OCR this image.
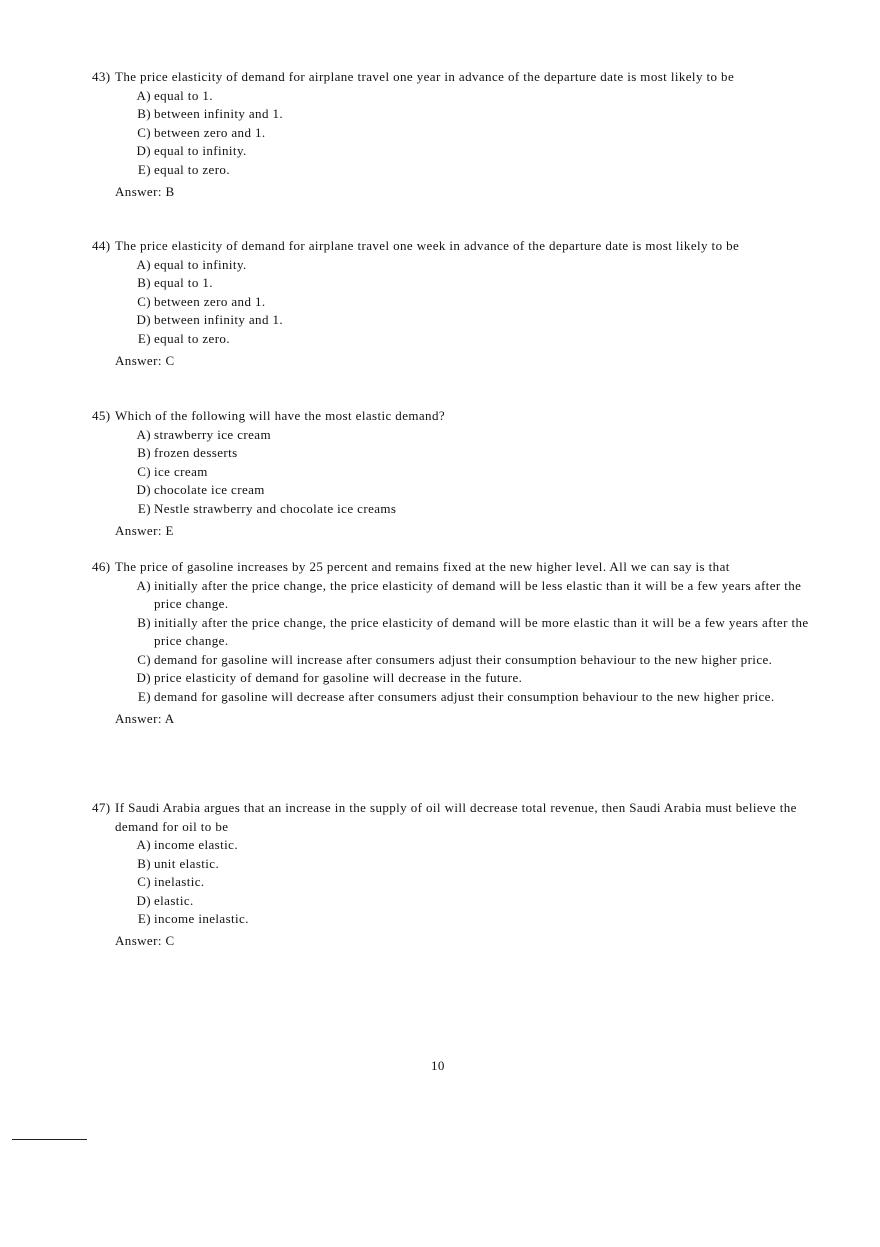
43) The price elasticity of demand for airplane travel one year in advance of the departure date is most likely to be
A) equal to 1.
B) between infinity and 1.
C) between zero and 1.
D) equal to infinity.
E) equal to zero.
Answer: B
44) The price elasticity of demand for airplane travel one week in advance of the departure date is most likely to be
A) equal to infinity.
B) equal to 1.
C) between zero and 1.
D) between infinity and 1.
E) equal to zero.
Answer: C
45) Which of the following will have the most elastic demand?
A) strawberry ice cream
B) frozen desserts
C) ice cream
D) chocolate ice cream
E) Nestle strawberry and chocolate ice creams
Answer: E
46) The price of gasoline increases by 25 percent and remains fixed at the new higher level. All we can say is that
A) initially after the price change, the price elasticity of demand will be less elastic than it will be a few years after the price change.
B) initially after the price change, the price elasticity of demand will be more elastic than it will be a few years after the price change.
C) demand for gasoline will increase after consumers adjust their consumption behaviour to the new higher price.
D) price elasticity of demand for gasoline will decrease in the future.
E) demand for gasoline will decrease after consumers adjust their consumption behaviour to the new higher price.
Answer: A
47) If Saudi Arabia argues that an increase in the supply of oil will decrease total revenue, then Saudi Arabia must believe the demand for oil to be
A) income elastic.
B) unit elastic.
C) inelastic.
D) elastic.
E) income inelastic.
Answer: C
10
